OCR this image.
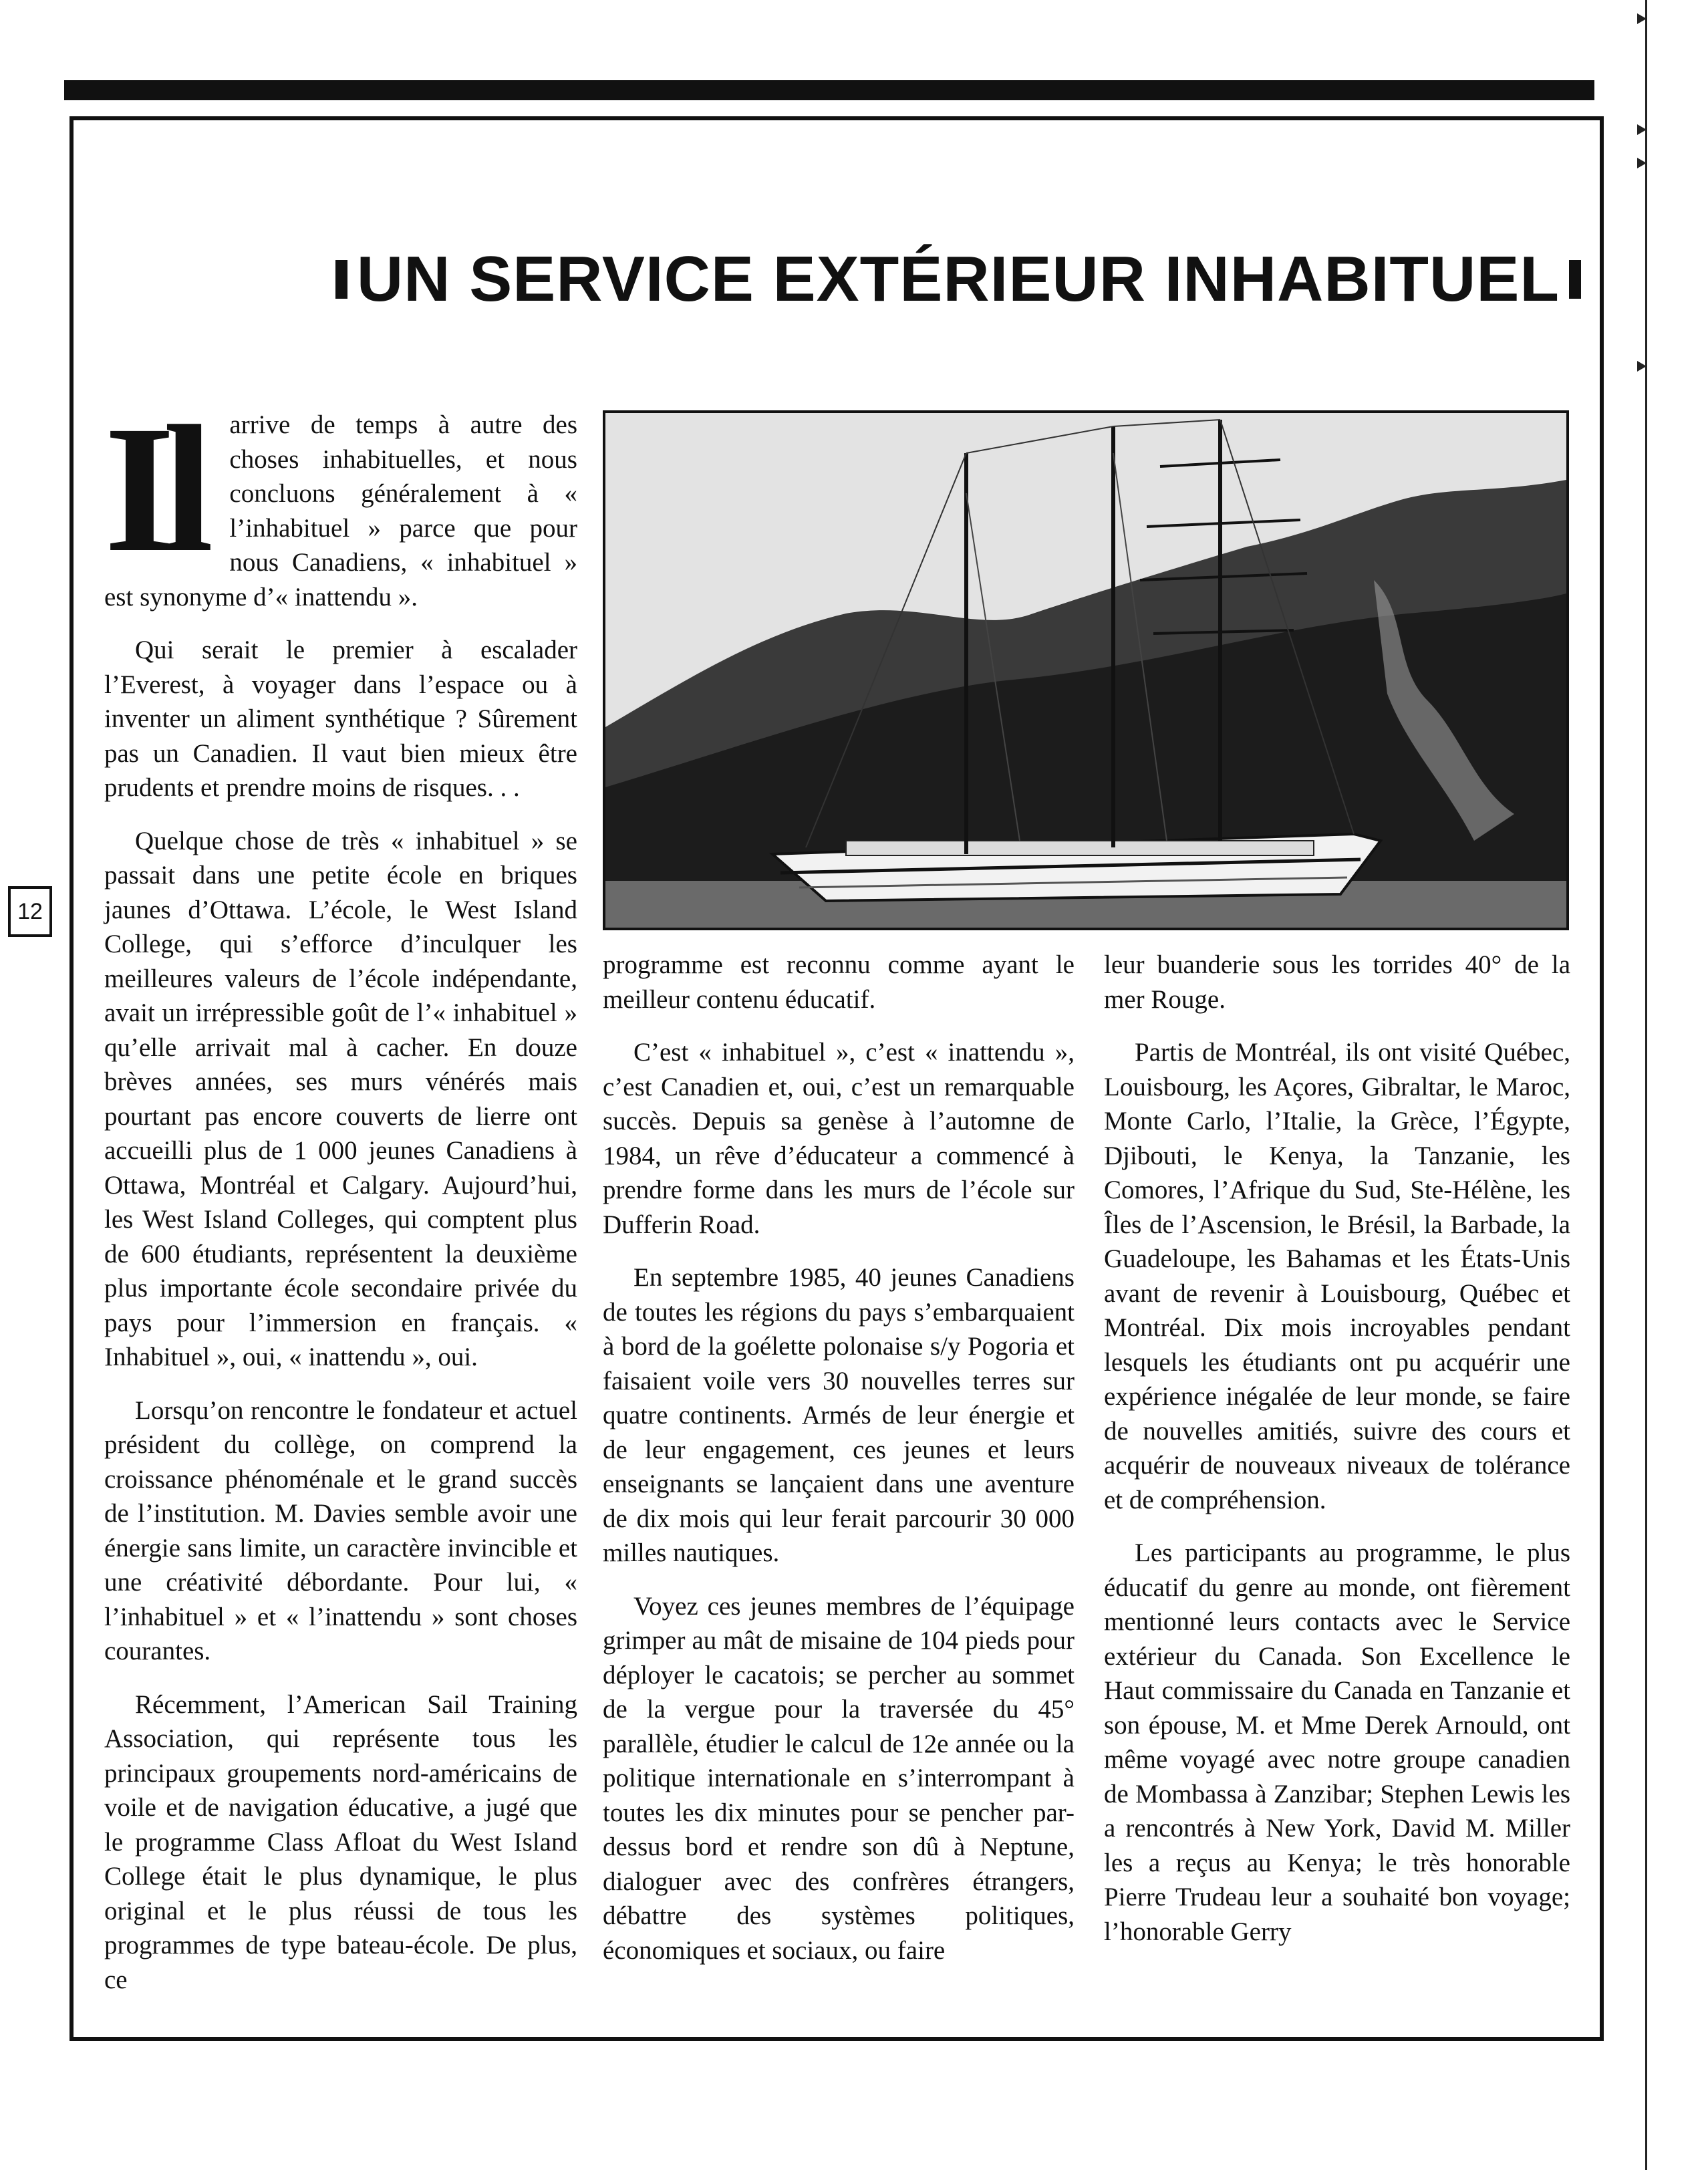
12
UN SERVICE EXTÉRIEUR INHABITUEL

Il	arrive de temps à autre des choses inhabituelles, et nous concluons généralement à « l’inhabituel » parce que pour nous Canadiens, « inhabituel » est synonyme d’« inattendu ».

Qui serait le premier à escalader l’Everest, à voyager dans l’espace ou à inventer un aliment synthétique ? Sûrement pas un Canadien. Il vaut bien mieux être prudents et prendre moins de risques. . .

Quelque chose de très « inhabituel » se passait dans une petite école en briques jaunes d’Ottawa. L’école, le West Island College, qui s’efforce d’inculquer les meilleures valeurs de l’école indépendante, avait un irrépressible goût de l’« inhabituel » qu’elle arrivait mal à cacher. En douze brèves années, ses murs vénérés mais pourtant pas encore couverts de lierre ont accueilli plus de 1 000 jeunes Canadiens à Ottawa, Montréal et Calgary. Aujourd’hui, les West Island Colleges, qui comptent plus de 600 étudiants, représentent la deuxième plus importante école secondaire privée du pays pour l’immersion en français. « Inhabituel », oui, « inattendu », oui.

Lorsqu’on rencontre le fondateur et actuel président du collège, on comprend la croissance phénoménale et le grand succès de l’institution. M. Davies semble avoir une énergie sans limite, un caractère invincible et une créativité débordante. Pour lui, « l’inhabituel » et « l’inattendu » sont choses courantes.

Récemment, l’American Sail Training Association, qui représente tous les principaux groupements nord-américains de voile et de navigation éducative, a jugé que le programme Class Afloat du West Island College était le plus dynamique, le plus original et le plus réussi de tous les programmes de type bateau-école. De plus, ce

programme est reconnu comme ayant le meilleur contenu éducatif.

C’est « inhabituel », c’est « inattendu », c’est Canadien et, oui, c’est un remarquable succès. Depuis sa genèse à l’automne de 1984, un rêve d’éducateur a commencé à prendre forme dans les murs de l’école sur Dufferin Road.

En septembre 1985, 40 jeunes Canadiens de toutes les régions du pays s’embarquaient à bord de la goélette polonaise s/y Pogoria et faisaient voile vers 30 nouvelles terres sur quatre continents. Armés de leur énergie et de leur engagement, ces jeunes et leurs enseignants se lançaient dans une aventure de dix mois qui leur ferait parcourir 30 000 milles nautiques.

Voyez ces jeunes membres de l’équipage grimper au mât de misaine de 104 pieds pour déployer le cacatois; se percher au sommet de la vergue pour la traversée du 45° parallèle, étudier le calcul de 12e année ou la politique internationale en s’interrompant à toutes les dix minutes pour se pencher par-dessus bord et rendre son dû à Neptune, dialoguer avec des confrères étrangers, débattre des systèmes politiques, économiques et sociaux, ou faire

leur buanderie sous les torrides 40° de la mer Rouge.

Partis de Montréal, ils ont visité Québec, Louisbourg, les Açores, Gibraltar, le Maroc, Monte Carlo, l’Italie, la Grèce, l’Égypte, Djibouti, le Kenya, la Tanzanie, les Comores, l’Afrique du Sud, Ste-Hélène, les Îles de l’Ascension, le Brésil, la Barbade, la Guadeloupe, les Bahamas et les États-Unis avant de revenir à Louisbourg, Québec et Montréal. Dix mois incroyables pendant lesquels les étudiants ont pu acquérir une expérience inégalée de leur monde, se faire de nouvelles amitiés, suivre des cours et acquérir de nouveaux niveaux de tolérance et de compréhension.

Les participants au programme, le plus éducatif du genre au monde, ont fièrement mentionné leurs contacts avec le Service extérieur du Canada. Son Excellence le Haut commissaire du Canada en Tanzanie et son épouse, M. et Mme Derek Arnould, ont même voyagé avec notre groupe canadien de Mombassa à Zanzibar; Stephen Lewis les a rencontrés à New York, David M. Miller les a reçus au Kenya; le très honorable Pierre Trudeau leur a souhaité bon voyage; l’honorable Gerry
